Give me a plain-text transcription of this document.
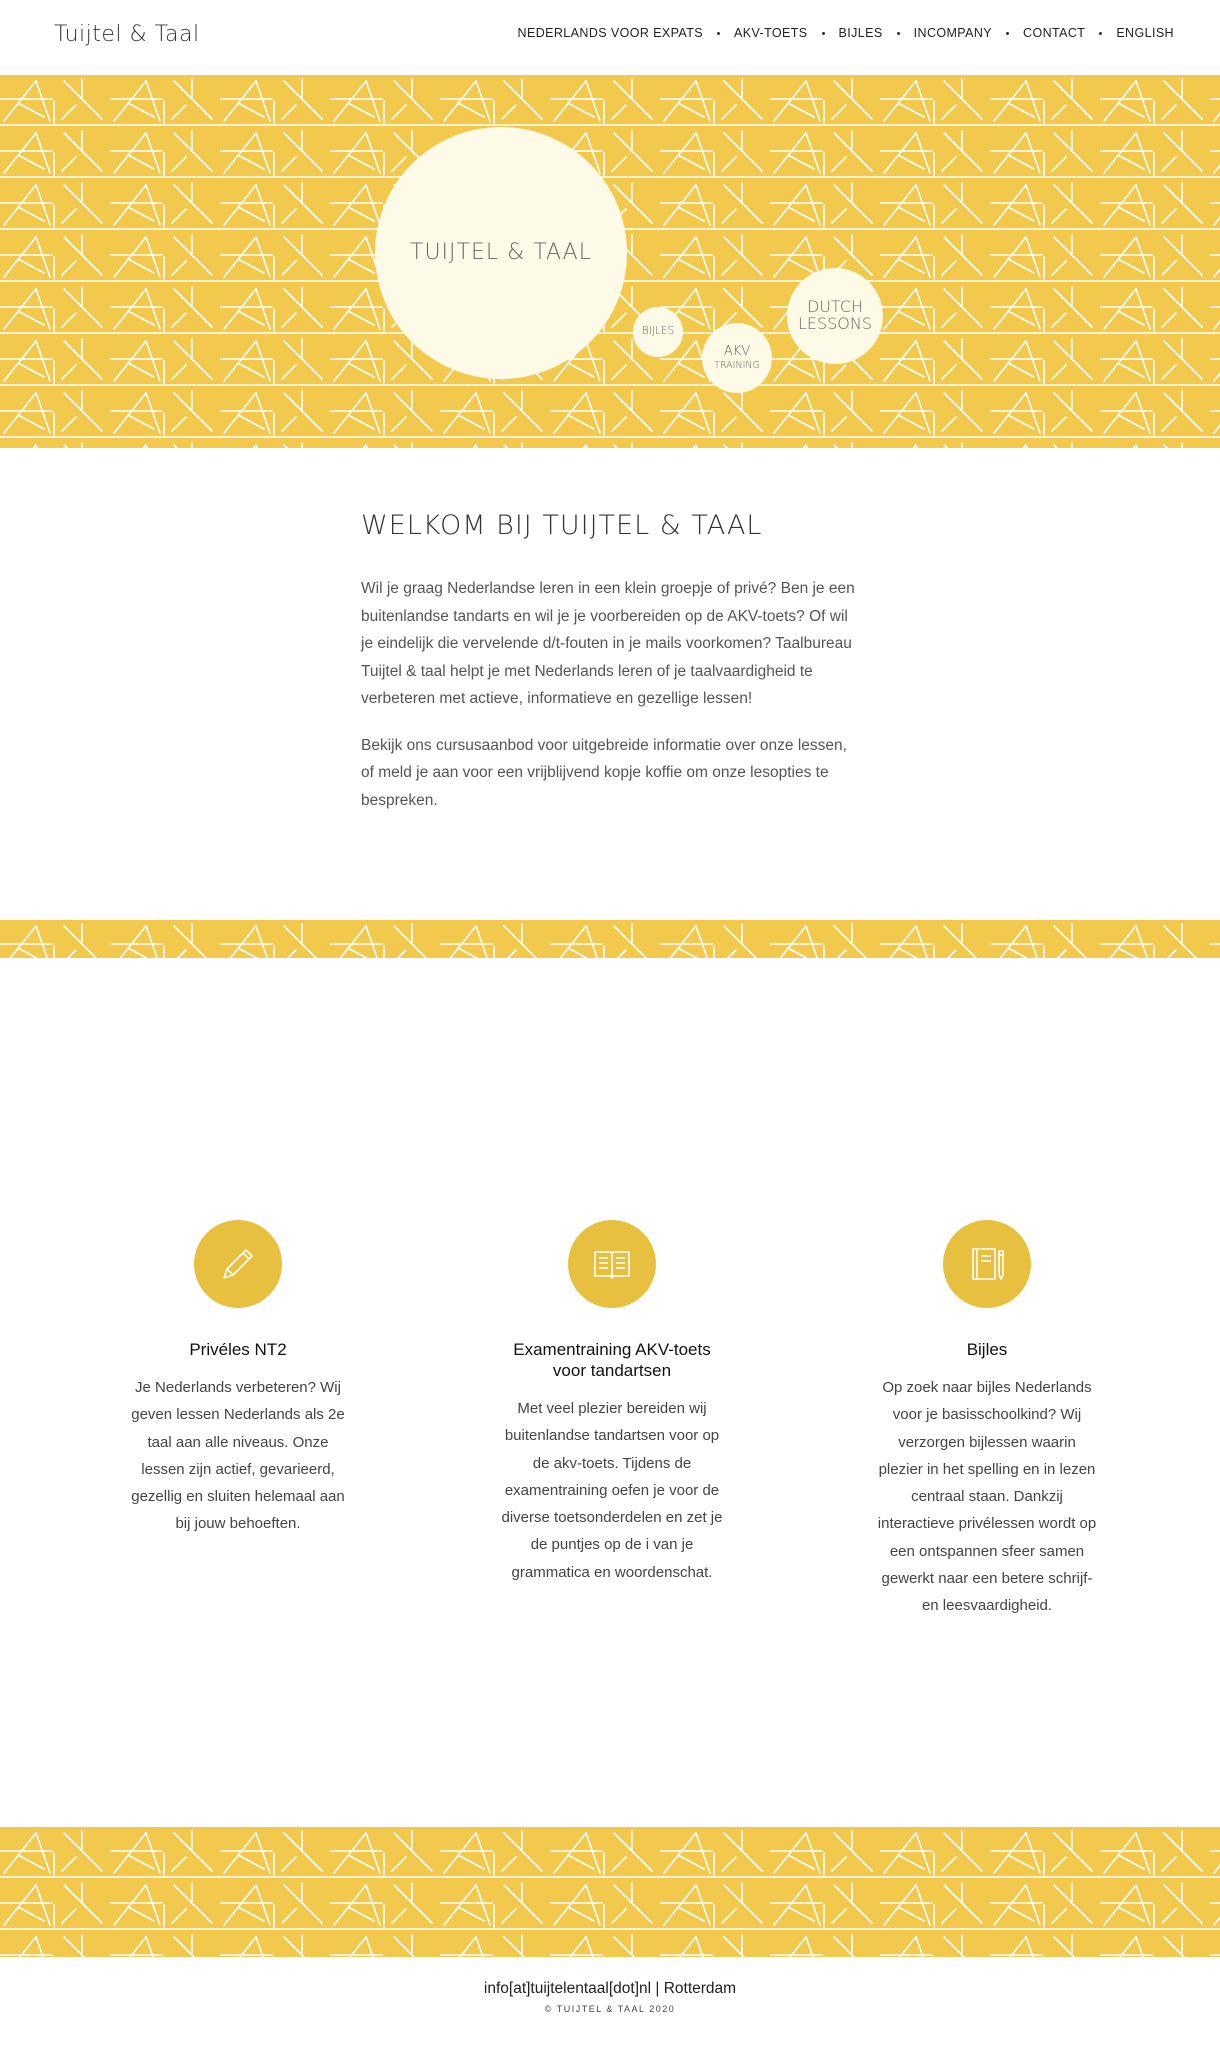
Tuijtel & Taal	NEDERLANDS VOOR EXPATS AKV-TOETS BIJLES INCOMPANY CONTACT ENGLISH
TUIJTEL & TAAL
BIJLES
AKV
TRAINING
DUTCH
LESSONS
WELKOM BIJ TUIJTEL & TAAL

Wil je graag Nederlandse leren in een klein groepje of privé? Ben je een buitenlandse tandarts en wil je je voorbereiden op de AKV-toets? Of wil je eindelijk die vervelende d/t-fouten in je mails voorkomen? Taalbureau Tuijtel & taal helpt je met Nederlands leren of je taalvaardigheid te verbeteren met actieve, informatieve en gezellige lessen!

Bekijk ons cursusaanbod voor uitgebreide informatie over onze lessen, of meld je aan voor een vrijblijvend kopje koffie om onze lesopties te bespreken.

Privéles NT2

Je Nederlands verbeteren? Wij geven lessen Nederlands als 2e taal aan alle niveaus. Onze lessen zijn actief, gevarieerd, gezellig en sluiten helemaal aan bij jouw behoeften.

Examentraining AKV-toets voor tandartsen

Met veel plezier bereiden wij buitenlandse tandartsen voor op de akv-toets. Tijdens de examentraining oefen je voor de diverse toetsonderdelen en zet je de puntjes op de i van je grammatica en woordenschat.

Bijles

Op zoek naar bijles Nederlands voor je basisschoolkind? Wij verzorgen bijlessen waarin plezier in het spelling en in lezen centraal staan. Dankzij interactieve privélessen wordt op een ontspannen sfeer samen gewerkt naar een betere schrijf- en leesvaardigheid.

info[at]tuijtelentaal[dot]nl | Rotterdam
© TUIJTEL & TAAL 2020
